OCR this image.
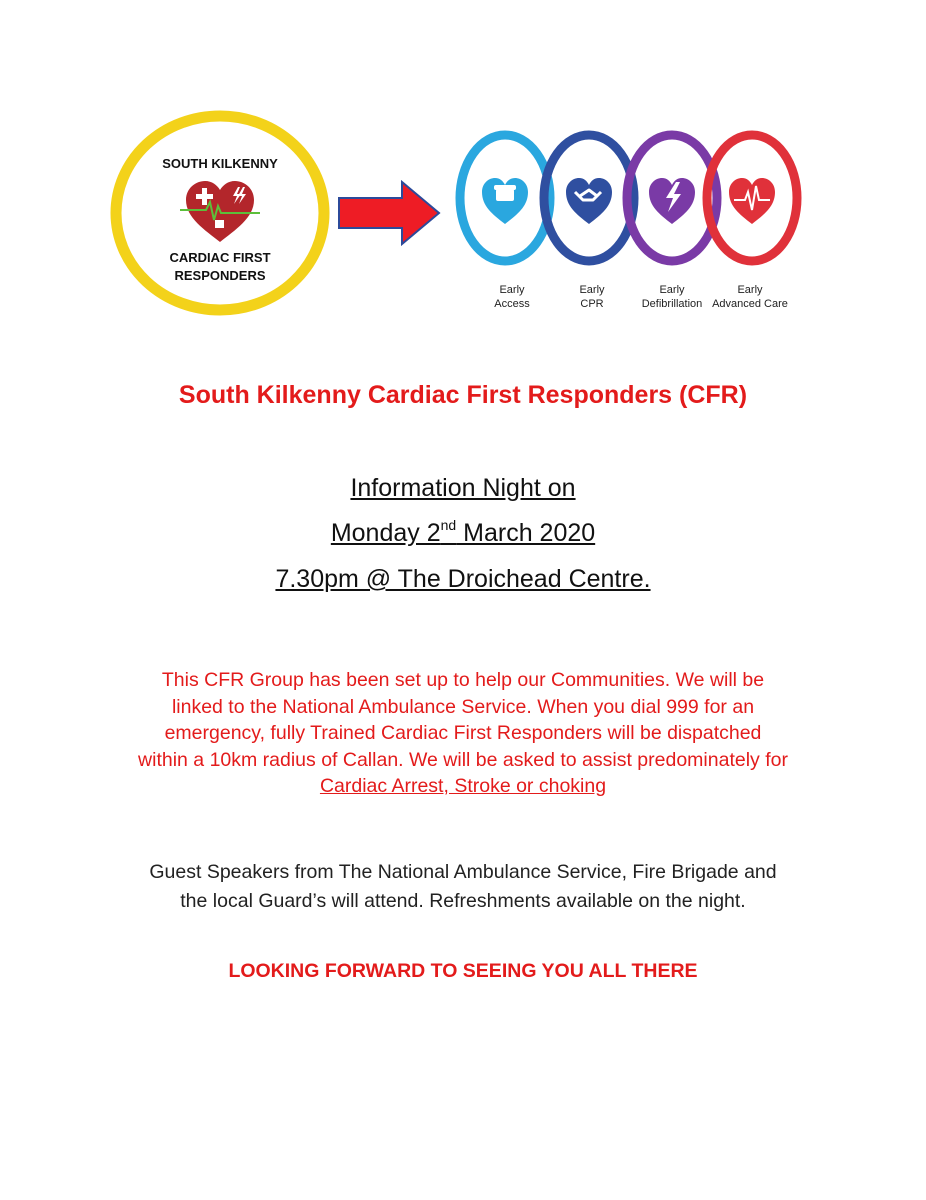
SOUTH KILKENNY
CARDIAC FIRST
RESPONDERS
Early
Access
Early
CPR
Early
Defibrillation
Early
Advanced Care
South Kilkenny Cardiac First Responders (CFR)
Information Night on
Monday 2nd March 2020
7.30pm @ The Droichead Centre.
This CFR Group has been set up to help our Communities. We will be
linked to the National Ambulance Service. When you dial 999 for an
emergency, fully Trained Cardiac First Responders will be dispatched
within a 10km radius of Callan. We will be asked to assist predominately for
Cardiac Arrest, Stroke or choking
Guest Speakers from The National Ambulance Service, Fire Brigade and
the local Guard’s will attend. Refreshments available on the night.
LOOKING FORWARD TO SEEING YOU ALL THERE
